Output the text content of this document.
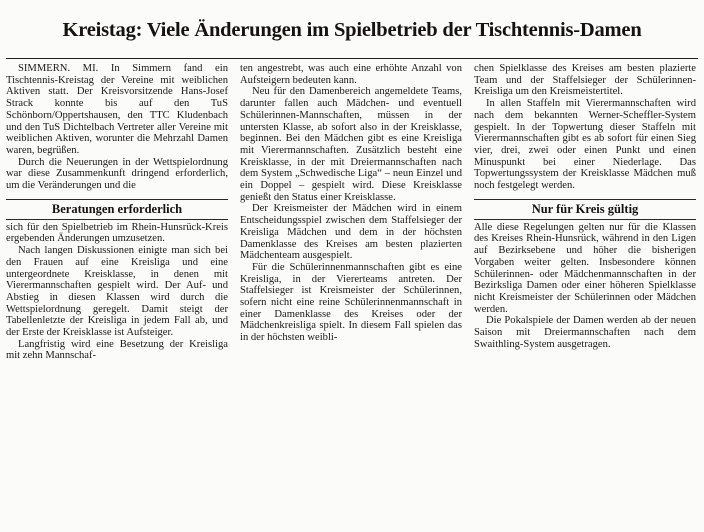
Kreistag: Viele Änderungen im Spielbetrieb der Tischtennis-Damen

SIMMERN. MI. In Simmern fand ein Tischtennis-Kreistag der Vereine mit weiblichen Aktiven statt. Der Kreisvorsitzende Hans-Josef Strack konnte bis auf den TuS Schönborn/Oppertshausen, den TTC Kludenbach und den TuS Dichtelbach Vertreter aller Vereine mit weiblichen Aktiven, worunter die Mehrzahl Damen waren, begrüßen.

Durch die Neuerungen in der Wettspielordnung war diese Zusammenkunft dringend erforderlich, um die Veränderungen und die

Beratungen erforderlich

sich für den Spielbetrieb im Rhein-Hunsrück-Kreis ergebenden Änderungen umzusetzen.

Nach langen Diskussionen einigte man sich bei den Frauen auf eine Kreisliga und eine untergeordnete Kreisklasse, in denen mit Vierermannschaften gespielt wird. Der Auf- und Abstieg in diesen Klassen wird durch die Wettspielordnung geregelt. Damit steigt der Tabellenletzte der Kreisliga in jedem Fall ab, und der Erste der Kreisklasse ist Aufsteiger.

Langfristig wird eine Besetzung der Kreisliga mit zehn Mannschaf-

ten angestrebt, was auch eine erhöhte Anzahl von Aufsteigern bedeuten kann.

Neu für den Damenbereich angemeldete Teams, darunter fallen auch Mädchen- und eventuell Schülerinnen-Mannschaften, müssen in der untersten Klasse, ab sofort also in der Kreisklasse, beginnen. Bei den Mädchen gibt es eine Kreisliga mit Vierermannschaften. Zusätzlich besteht eine Kreisklasse, in der mit Dreiermannschaften nach dem System „Schwedische Liga“ – neun Einzel und ein Doppel – gespielt wird. Diese Kreisklasse genießt den Status einer Kreisklasse.

Der Kreismeister der Mädchen wird in einem Entscheidungsspiel zwischen dem Staffelsieger der Kreisliga Mädchen und dem in der höchsten Damenklasse des Kreises am besten plazierten Mädchenteam ausgespielt.

Für die Schülerinnenmannschaften gibt es eine Kreisliga, in der Viererteams antreten. Der Staffelsieger ist Kreismeister der Schülerinnen, sofern nicht eine reine Schülerinnenmannschaft in einer Damenklasse des Kreises oder der Mädchenkreisliga spielt. In diesem Fall spielen das in der höchsten weibli-

chen Spielklasse des Kreises am besten plazierte Team und der Staffelsieger der Schülerinnen-Kreisliga um den Kreismeistertitel.

In allen Staffeln mit Vierermannschaften wird nach dem bekannten Werner-Scheffler-System gespielt. In der Topwertung dieser Staffeln mit Vierermannschaften gibt es ab sofort für einen Sieg vier, drei, zwei oder einen Punkt und einen Minuspunkt bei einer Niederlage. Das Topwertungssystem der Kreisklasse Mädchen muß noch festgelegt werden.

Nur für Kreis gültig

Alle diese Regelungen gelten nur für die Klassen des Kreises Rhein-Hunsrück, während in den Ligen auf Bezirksebene und höher die bisherigen Vorgaben weiter gelten. Insbesondere können Schülerinnen- oder Mädchenmannschaften in der Bezirksliga Damen oder einer höheren Spielklasse nicht Kreismeister der Schülerinnen oder Mädchen werden.

Die Pokalspiele der Damen werden ab der neuen Saison mit Dreiermannschaften nach dem Swaithling-System ausgetragen.
